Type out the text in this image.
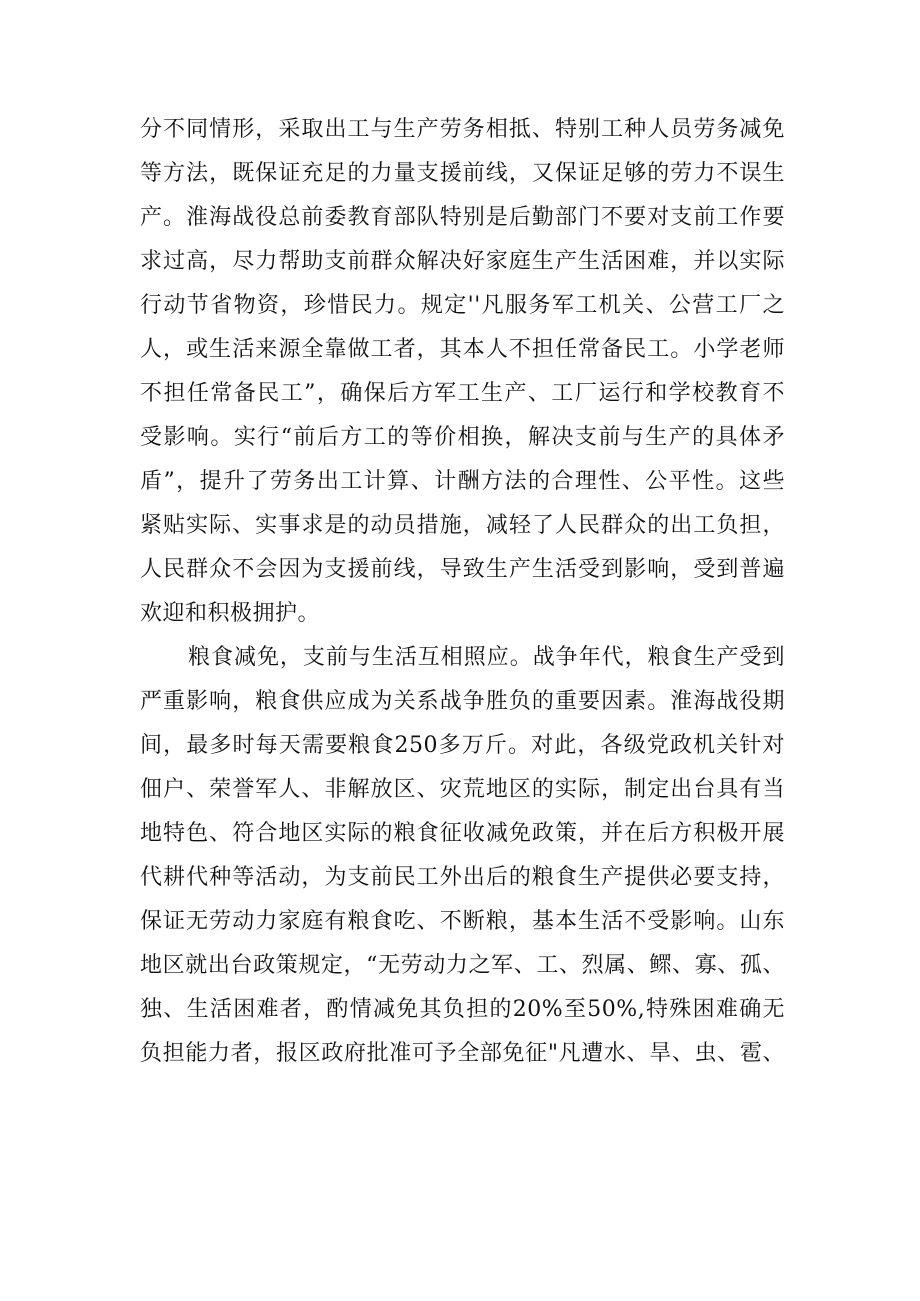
分不同情形，采取出工与生产劳务相抵、特别工种人员劳务减免
等方法，既保证充足的力量支援前线，又保证足够的劳力不误生
产。淮海战役总前委教育部队特别是后勤部门不要对支前工作要
求过高，尽力帮助支前群众解决好家庭生产生活困难，并以实际
行动节省物资，珍惜民力。规定''凡服务军工机关、公营工厂之
人，或生活来源全靠做工者，其本人不担任常备民工。小学老师
不担任常备民工”，确保后方军工生产、工厂运行和学校教育不
受影响。实行“前后方工的等价相换，解决支前与生产的具体矛
盾”，提升了劳务出工计算、计酬方法的合理性、公平性。这些
紧贴实际、实事求是的动员措施，减轻了人民群众的出工负担，
人民群众不会因为支援前线，导致生产生活受到影响，受到普遍
欢迎和积极拥护。
粮食减免，支前与生活互相照应。战争年代，粮食生产受到
严重影响，粮食供应成为关系战争胜负的重要因素。淮海战役期
间，最多时每天需要粮食250多万斤。对此，各级党政机关针对
佃户、荣誉军人、非解放区、灾荒地区的实际，制定出台具有当
地特色、符合地区实际的粮食征收减免政策，并在后方积极开展
代耕代种等活动，为支前民工外出后的粮食生产提供必要支持，
保证无劳动力家庭有粮食吃、不断粮，基本生活不受影响。山东
地区就出台政策规定，“无劳动力之军、工、烈属、鳏、寡、孤、
独、生活困难者，酌情减免其负担的20%至50%,特殊困难确无
负担能力者，报区政府批准可予全部免征"凡遭水、旱、虫、雹、
